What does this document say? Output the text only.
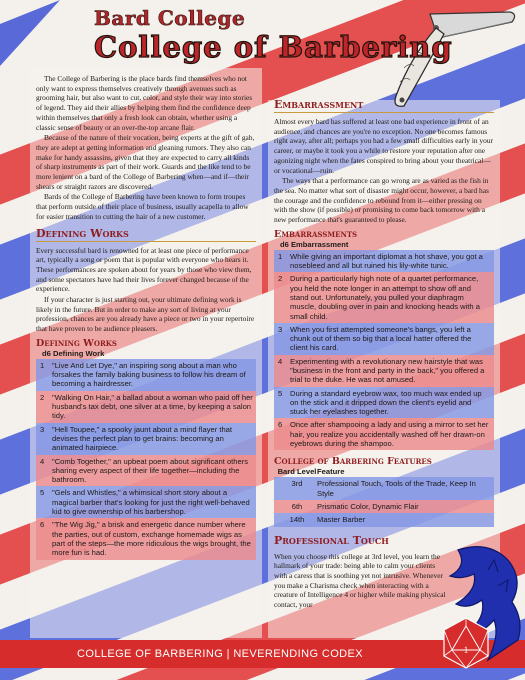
Bard College
College of Barbering

The College of Barbering is the place bards find themselves who not only want to express themselves creatively through avenues such as grooming hair, but also want to cut, color, and style their way into stories of legend. They aid their allies by helping them find the confidence deep within themselves that only a fresh look can obtain, whether using a classic sense of beauty or an over-the-top arcane flair.

Because of the nature of their vocation, being experts at the gift of gab, they are adept at getting information and gleaning rumors. They also can make for handy assassins, given that they are expected to carry all kinds of sharp instruments as part of their work. Guards and the like tend to be more lenient on a bard of the College of Barbering when—and if—their shears or straight razors are discovered.

Bards of the College of Barbering have been known to form troupes that perform outside of their place of business, usually acapella to allow for easier transition to cutting the hair of a new customer.

Defining Works

Every successful bard is renowned for at least one piece of performance art, typically a song or poem that is popular with everyone who hears it. These performances are spoken about for years by those who view them, and some spectators have had their lives forever changed because of the experience.

If your character is just starting out, your ultimate defining work is likely in the future. But in order to make any sort of living at your profession, chances are you already have a piece or two in your repertoire that have proven to be audience pleasers.

Defining Works
d6 Defining Work
1	"Live And Let Dye," an inspiring song about a man who forsakes the family baking business to follow his dream of becoming a hairdresser.
2	"Walking On Hair," a ballad about a woman who paid off her husband's tax debt, one silver at a time, by keeping a salon tidy.
3	"Hell Toupee," a spooky jaunt about a mind flayer that devises the perfect plan to get brains: becoming an animated hairpiece.
4	"Comb Together," an upbeat poem about significant others sharing every aspect of their life together—including the bathroom.
5	"Gels and Whistles," a whimsical short story about a magical barber that's looking for just the right well-behaved kid to give ownership of his barbershop.
6	"The Wig Jig," a brisk and energetic dance number where the parties, out of custom, exchange homemade wigs as part of the steps—the more ridiculous the wigs brought, the more fun is had.
Embarrassment

Almost every bard has suffered at least one bad experience in front of an audience, and chances are you're no exception. No one becomes famous right away, after all; perhaps you had a few small difficulties early in your career, or maybe it took you a while to restore your reputation after one agonizing night when the fates conspired to bring about your theatrical—or vocational—ruin.

The ways that a performance can go wrong are as varied as the fish in the sea. No matter what sort of disaster might occur, however, a bard has the courage and the confidence to rebound from it—either pressing on with the show (if possible) or promising to come back tomorrow with a new performance that's guaranteed to please.

Embarrassments
d6 Embarrassment
1	While giving an important diplomat a hot shave, you got a nosebleed and all but ruined his lily-white tunic.
2	During a particularly high note of a quartet performance, you held the note longer in an attempt to show off and stand out. Unfortunately, you pulled your diaphragm muscle, doubling over in pain and knocking heads with a small child.
3	When you first attempted someone's bangs, you left a chunk out of them so big that a local hatter offered the client his card.
4	Experimenting with a revolutionary new hairstyle that was "business in the front and party in the back," you offered a trial to the duke. He was not amused.
5	During a standard eyebrow wax, too much wax ended up on the stick and it dripped down the client's eyelid and stuck her eyelashes together.
6	Once after shampooing a lady and using a mirror to set her hair, you realize you accidentally washed off her drawn-on eyebrows during the shampoo.
College of Barbering Features
Bard Level Feature
3rd	Professional Touch, Tools of the Trade, Keep In Style
6th	Prismatic Color, Dynamic Flair
14th	Master Barber
Professional Touch

When you choose this college at 3rd level, you learn the hallmark of your trade: being able to calm your clients with a caress that is soothing yet not intrusive. Whenever you make a Charisma check when interacting with a creature of Intelligence 4 or higher while making physical contact, your

COLLEGE OF BARBERING | NEVERENDING CODEX	1
